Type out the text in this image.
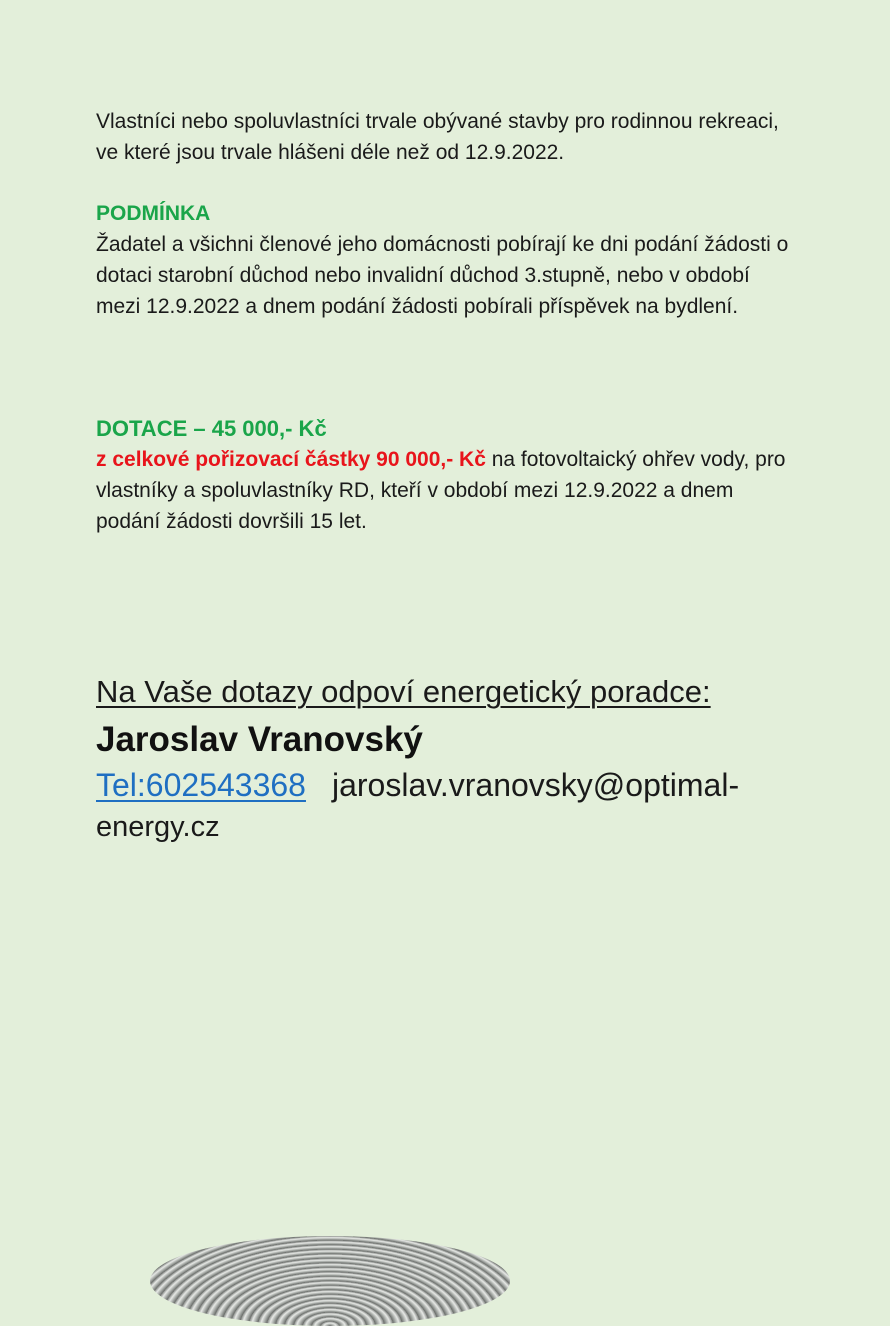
Vlastníci nebo spoluvlastníci trvale obývané stavby pro rodinnou rekreaci, ve které jsou trvale hlášeni déle než od 12.9.2022.

PODMÍNKA

Žadatel a všichni členové jeho domácnosti pobírají ke dni podání žádosti o dotaci starobní důchod nebo invalidní důchod 3.stupně, nebo v období mezi 12.9.2022 a dnem podání žádosti pobírali příspěvek na bydlení.

DOTACE – 45 000,- Kč

z celkové pořizovací částky 90 000,- Kč na fotovoltaický ohřev vody, pro vlastníky a spoluvlastníky RD, kteří v období mezi 12.9.2022 a dnem podání žádosti dovršili 15 let.

Na Vaše dotazy odpoví energetický poradce:

Jaroslav Vranovský

Tel:602543368 jaroslav.vranovsky@optimal-

energy.cz
